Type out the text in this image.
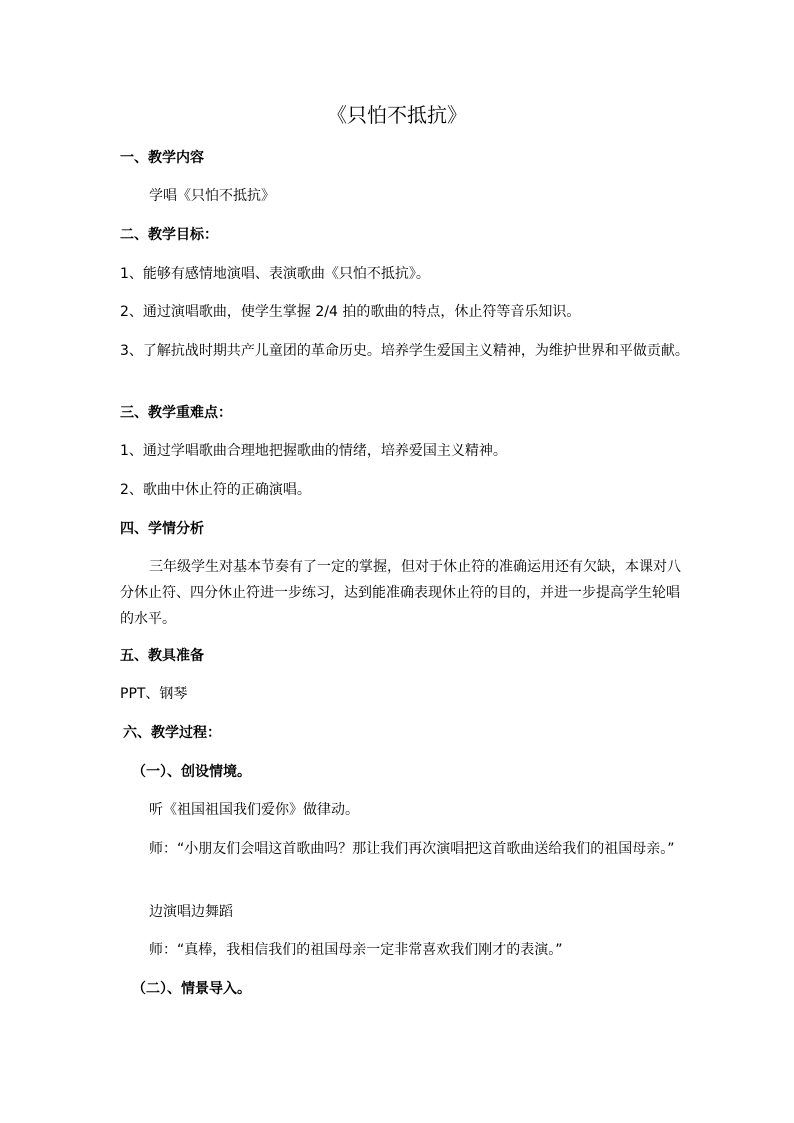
《只怕不抵抗》

一、教学内容

学唱《只怕不抵抗》

二、教学目标：

1、能够有感情地演唱、表演歌曲《只怕不抵抗》。

2、通过演唱歌曲，使学生掌握 2/4 拍的歌曲的特点，休止符等音乐知识。

3、了解抗战时期共产儿童团的革命历史。培养学生爱国主义精神，为维护世界和平做贡献。

三、教学重难点：

1、通过学唱歌曲合理地把握歌曲的情绪，培养爱国主义精神。

2、歌曲中休止符的正确演唱。

四、学情分析

三年级学生对基本节奏有了一定的掌握，但对于休止符的准确运用还有欠缺，本课对八分休止符、四分休止符进一步练习，达到能准确表现休止符的目的，并进一步提高学生轮唱的水平。

五、教具准备

PPT、钢琴

六、教学过程：

（一）、创设情境。

听《祖国祖国我们爱你》做律动。

师：“小朋友们会唱这首歌曲吗？那让我们再次演唱把这首歌曲送给我们的祖国母亲。”

边演唱边舞蹈

师：“真棒，我相信我们的祖国母亲一定非常喜欢我们刚才的表演。”

（二）、情景导入。
